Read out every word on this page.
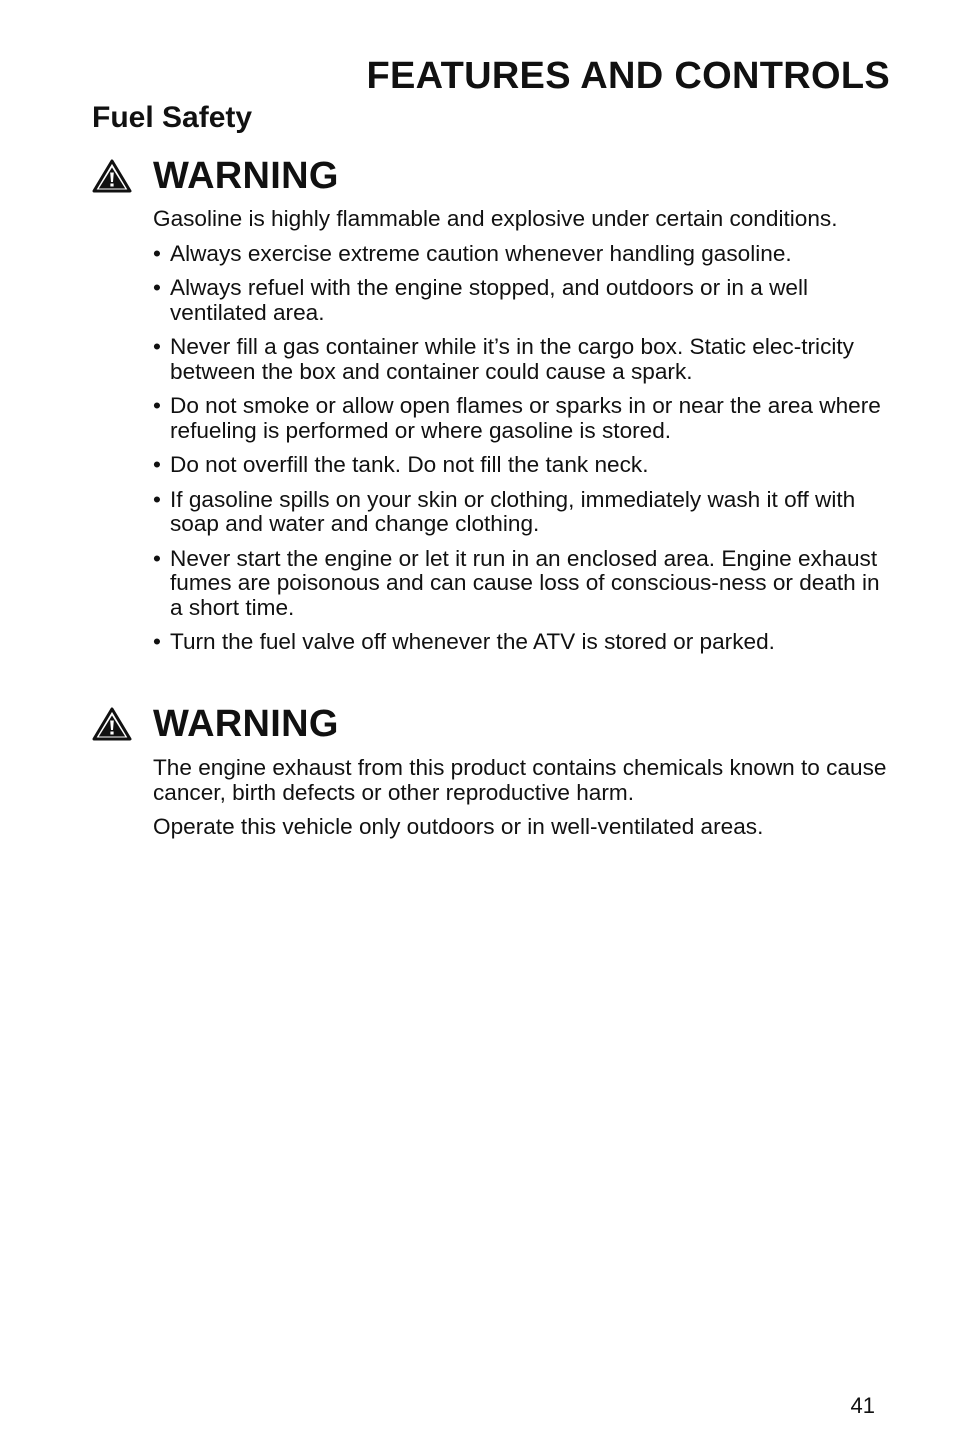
FEATURES AND CONTROLS
Fuel Safety
WARNING

Gasoline is highly flammable and explosive under certain conditions.

• Always exercise extreme caution whenever handling gasoline.
• Always refuel with the engine stopped, and outdoors or in a well ventilated area.
• Never fill a gas container while it’s in the cargo box. Static elec-tricity between the box and container could cause a spark.
• Do not smoke or allow open flames or sparks in or near the area where refueling is performed or where gasoline is stored.
• Do not overfill the tank. Do not fill the tank neck.
• If gasoline spills on your skin or clothing, immediately wash it off with soap and water and change clothing.
• Never start the engine or let it run in an enclosed area. Engine exhaust fumes are poisonous and can cause loss of conscious-ness or death in a short time.
• Turn the fuel valve off whenever the ATV is stored or parked.
WARNING

The engine exhaust from this product contains chemicals known to cause cancer, birth defects or other reproductive harm.

Operate this vehicle only outdoors or in well-ventilated areas.

41
